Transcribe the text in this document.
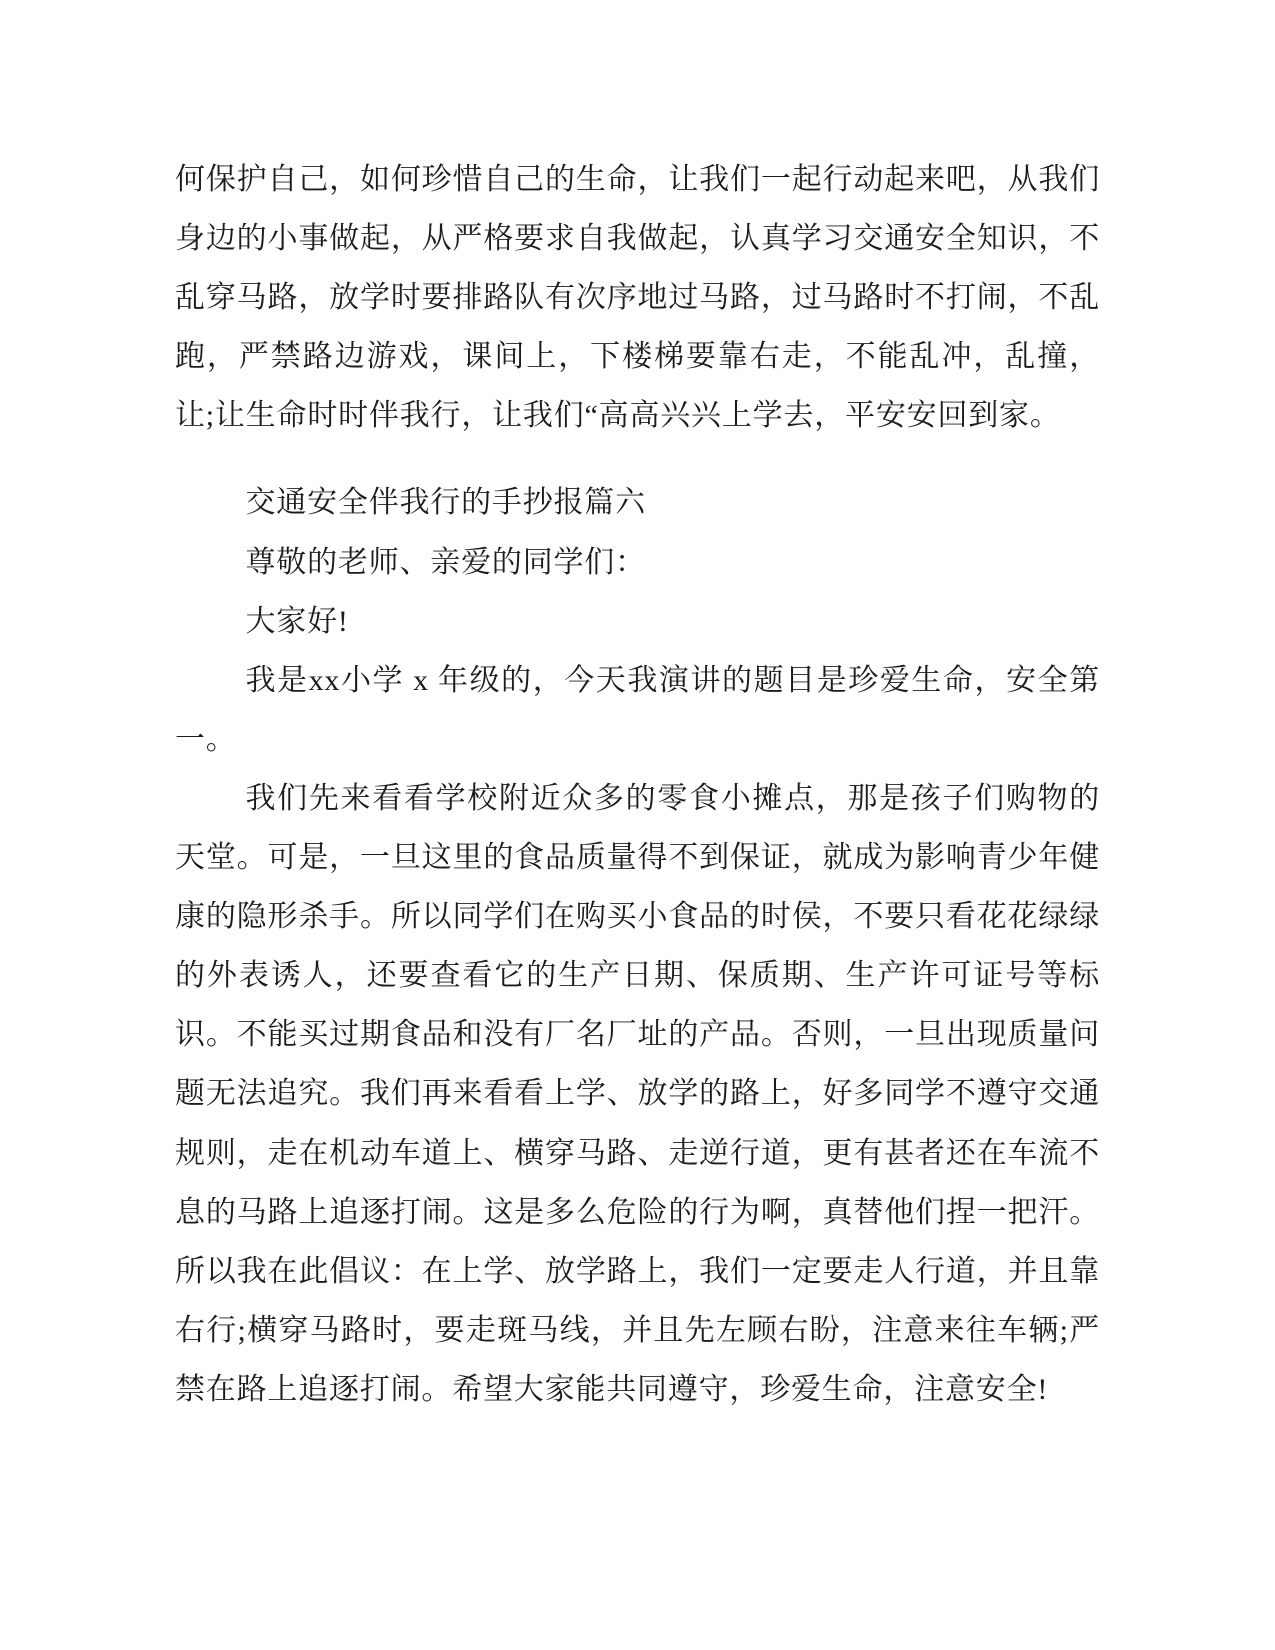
何保护自己，如何珍惜自己的生命，让我们一起行动起来吧，从我们身边的小事做起，从严格要求自我做起，认真学习交通安全知识，不乱穿马路，放学时要排路队有次序地过马路，过马路时不打闹，不乱跑，严禁路边游戏，课间上，下楼梯要靠右走，不能乱冲，乱撞，让;让生命时时伴我行，让我们“高高兴兴上学去，平安安回到家。

交通安全伴我行的手抄报篇六

尊敬的老师、亲爱的同学们：

大家好!

我是xx小学 x 年级的，今天我演讲的题目是珍爱生命，安全第一。

我们先来看看学校附近众多的零食小摊点，那是孩子们购物的天堂。可是，一旦这里的食品质量得不到保证，就成为影响青少年健康的隐形杀手。所以同学们在购买小食品的时侯，不要只看花花绿绿的外表诱人，还要查看它的生产日期、保质期、生产许可证号等标识。不能买过期食品和没有厂名厂址的产品。否则，一旦出现质量问题无法追究。我们再来看看上学、放学的路上，好多同学不遵守交通规则，走在机动车道上、横穿马路、走逆行道，更有甚者还在车流不息的马路上追逐打闹。这是多么危险的行为啊，真替他们捏一把汗。所以我在此倡议：在上学、放学路上，我们一定要走人行道，并且靠右行;横穿马路时，要走斑马线，并且先左顾右盼，注意来往车辆;严禁在路上追逐打闹。希望大家能共同遵守，珍爱生命，注意安全!
